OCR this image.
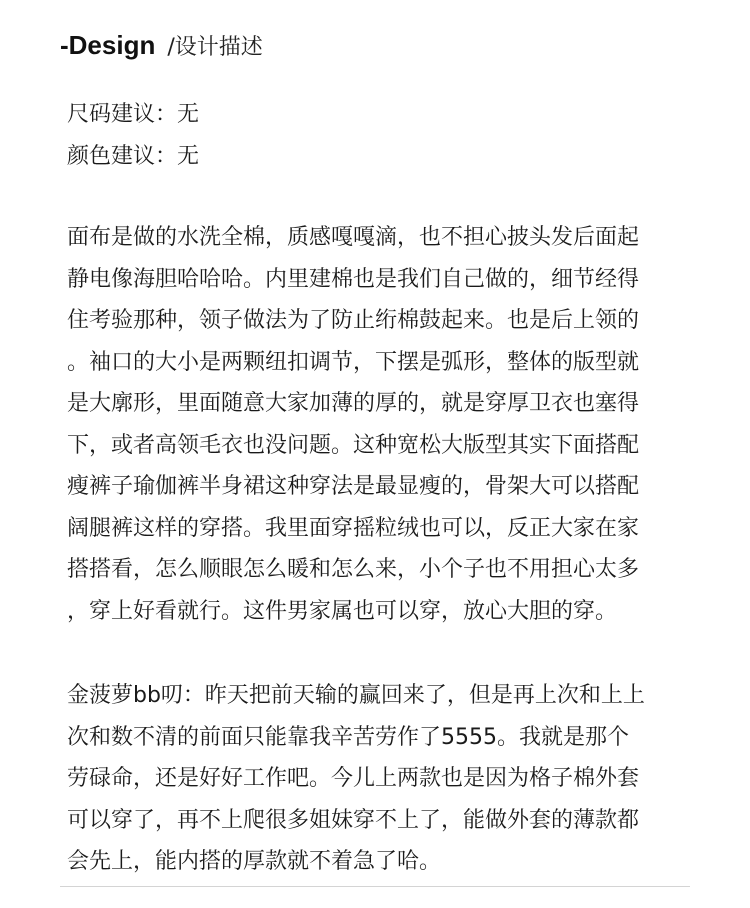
-Design /设计描述
尺码建议：无
颜色建议：无
面布是做的水洗全棉，质感嘎嘎滴，也不担心披头发后面起
静电像海胆哈哈哈。内里建棉也是我们自己做的，细节经得
住考验那种，领子做法为了防止绗棉鼓起来。也是后上领的
。袖口的大小是两颗纽扣调节，下摆是弧形，整体的版型就
是大廓形，里面随意大家加薄的厚的，就是穿厚卫衣也塞得
下，或者高领毛衣也没问题。这种宽松大版型其实下面搭配
瘦裤子瑜伽裤半身裙这种穿法是最显瘦的，骨架大可以搭配
阔腿裤这样的穿搭。我里面穿摇粒绒也可以，反正大家在家
搭搭看，怎么顺眼怎么暖和怎么来，小个子也不用担心太多
，穿上好看就行。这件男家属也可以穿，放心大胆的穿。
金菠萝bb叨：昨天把前天输的赢回来了，但是再上次和上上
次和数不清的前面只能靠我辛苦劳作了5555。我就是那个
劳碌命，还是好好工作吧。今儿上两款也是因为格子棉外套
可以穿了，再不上爬很多姐妹穿不上了，能做外套的薄款都
会先上，能内搭的厚款就不着急了哈。
